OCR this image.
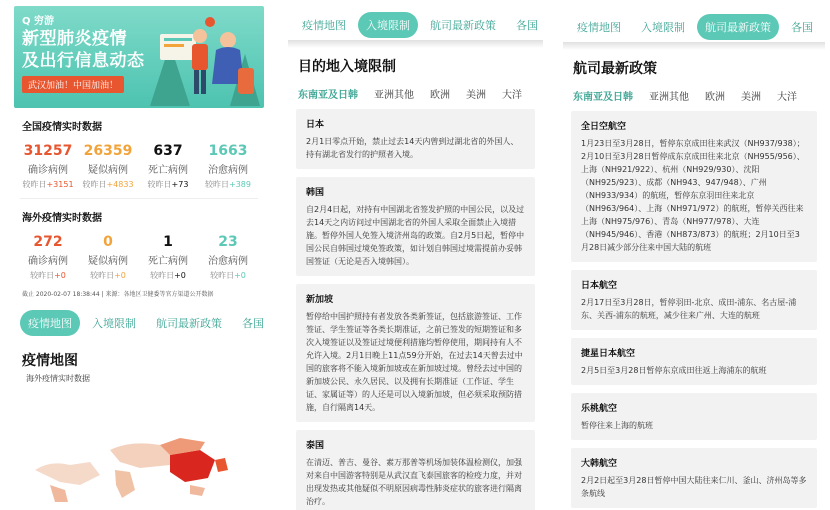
Q 穷游
新型肺炎疫情
及出行信息动态
武汉加油！中国加油！
全国疫情实时数据
31257
确诊病例
较昨日+3151
26359
疑似病例
较昨日+4833
637
死亡病例
较昨日+73
1663
治愈病例
较昨日+389
海外疫情实时数据
272
确诊病例
较昨日+0
0
疑似病例
较昨日+0
1
死亡病例
较昨日+0
23
治愈病例
较昨日+0
截止 2020-02-07 18:38:44 | 来源：各地区卫健委等官方渠道公开数据
疫情地图	入境限制	航司最新政策	各国
疫情地图
海外疫情实时数据
疫情地图	入境限制	航司最新政策	各国
目的地入境限制
东南亚及日韩 亚洲其他 欧洲 美洲 大洋
日本
2月1日零点开始，禁止过去14天内曾到过湖北省的外国人、持有湖北省发行的护照者入境。
韩国
自2月4日起，对持有中国湖北省签发护照的中国公民，以及过去14天之内访问过中国湖北省的外国人采取全面禁止入境措施。暂停外国人免签入境济州岛的政策。自2月5日起，暂停中国公民自韩国过境免签政策，如计划自韩国过境需提前办妥韩国签证（无论是否入境韩国）。
新加坡
暂停给中国护照持有者发放各类新签证，包括旅游签证、工作签证、学生签证等各类长期准证，之前已签发的短期签证和多次入境签证以及签证过境便利措施均暂停使用，期间持有人不允许入境。2月1日晚上11点59分开始，在过去14天曾去过中国的旅客将不能入境新加坡或在新加坡过境。曾经去过中国的新加坡公民、永久居民、以及拥有长期准证（工作证、学生证、家属证等）的人还是可以入境新加坡，但必须采取预防措施，自行隔离14天。
泰国
在清迈、普吉、曼谷、素万那普等机场加装体温检测仪，加强对来自中国游客特别是从武汉直飞泰国旅客的检疫力度，并对出现发热或其他疑似不明原因病毒性肺炎症状的旅客进行隔离治疗。
疫情地图	入境限制	航司最新政策	各国
航司最新政策
东南亚及日韩 亚洲其他 欧洲 美洲 大洋
全日空航空
1月23日至3月28日，暂停东京成田往来武汉（NH937/938）；2月10日至3月28日暂停成东京成田往来北京（NH955/956）、上海（NH921/922）、杭州（NH929/930）、沈阳（NH925/923）、成都（NH943、947/948）、广州（NH933/934）的航班，暂停东京羽田往来北京（NH963/964）、上海（NH971/972）的航班，暂停关西往来上海（NH975/976）、青岛（NH977/978）、大连（NH945/946）、香港（NH873/873）的航班；2月10日至3月28日减少部分往来中国大陆的航班
日本航空
2月17日至3月28日，暂停羽田-北京、成田-浦东、名古屋-浦东、关西-浦东的航班，减少往来广州、大连的航班
捷星日本航空
2月5日至3月28日暂停东京成田往返上海浦东的航班
乐桃航空
暂停往来上海的航班
大韩航空
2月2日起至3月28日暂停中国大陆往来仁川、釜山、济州岛等多条航线
